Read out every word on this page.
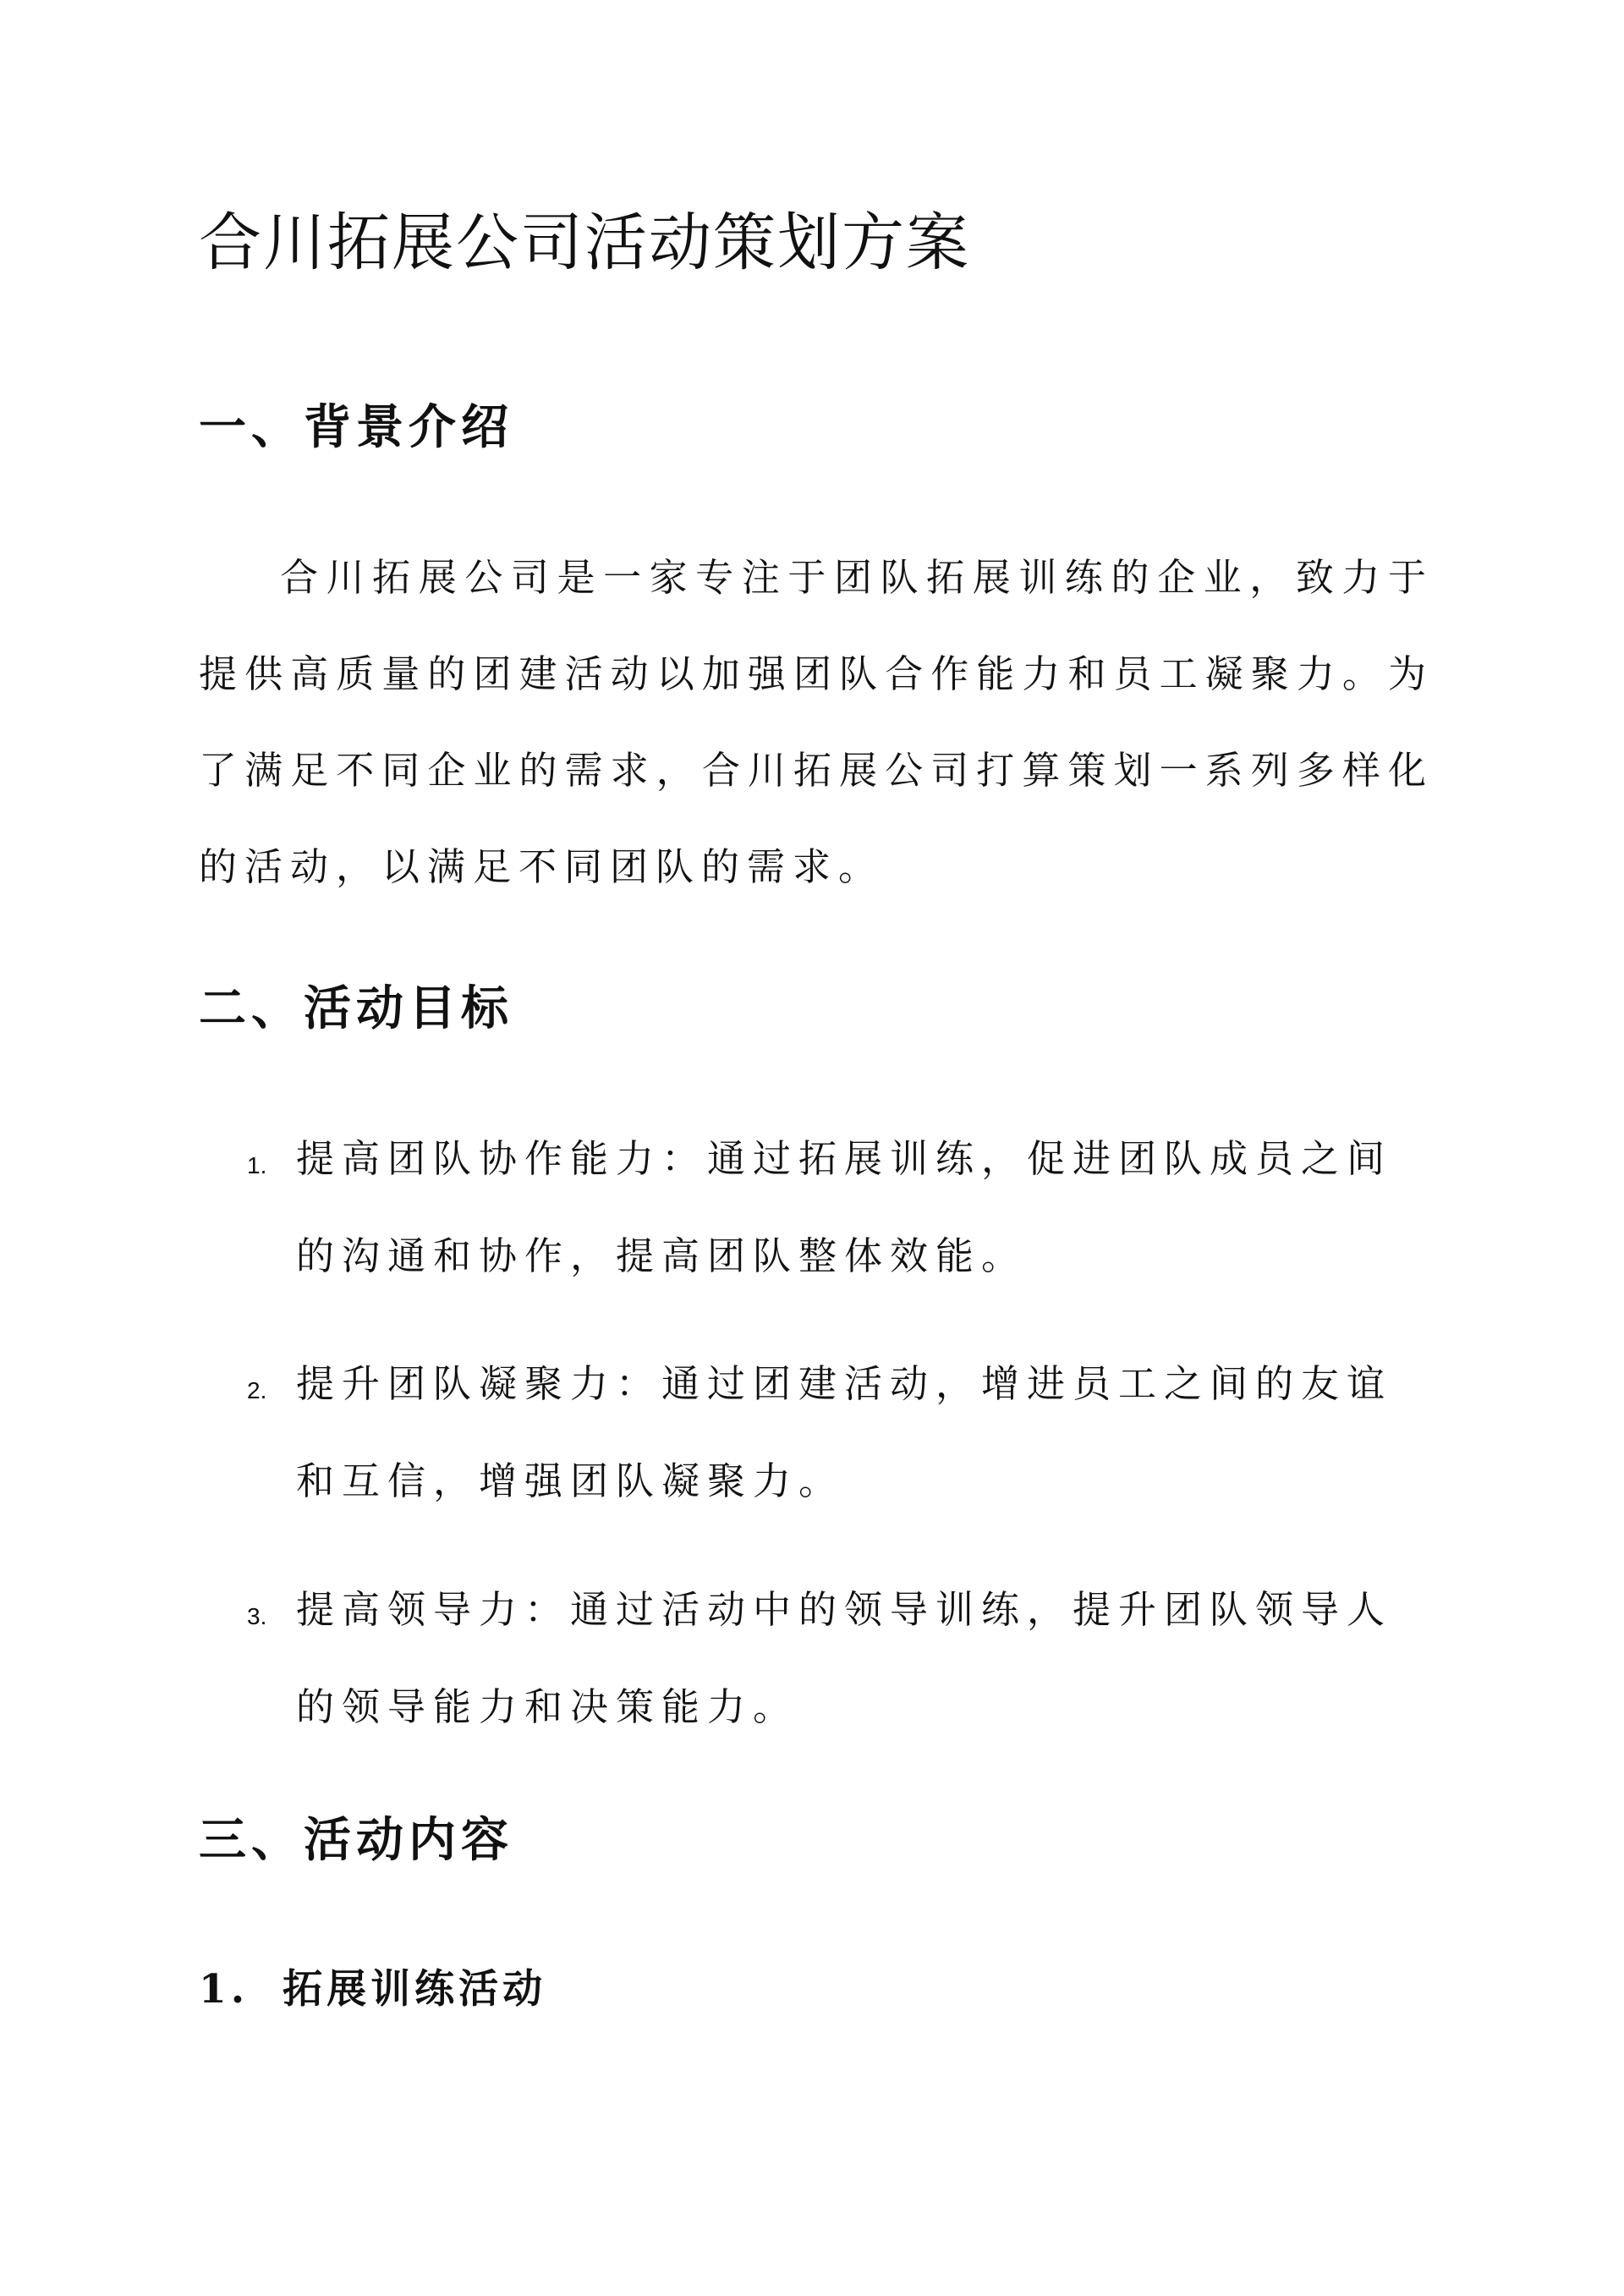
合川拓展公司活动策划方案
一、背景介绍
合川拓展公司是一家专注于团队拓展训练的企业，致力于提供高质量的团建活动以加强团队合作能力和员工凝聚力。为了满足不同企业的需求，合川拓展公司打算策划一系列多样化的活动，以满足不同团队的需求。
二、活动目标
1. 提高团队协作能力：通过拓展训练，促进团队成员之间的沟通和协作，提高团队整体效能。
2. 提升团队凝聚力：通过团建活动，增进员工之间的友谊和互信，增强团队凝聚力。
3. 提高领导力：通过活动中的领导训练，提升团队领导人的领导能力和决策能力。
三、活动内容
1. 拓展训练活动
